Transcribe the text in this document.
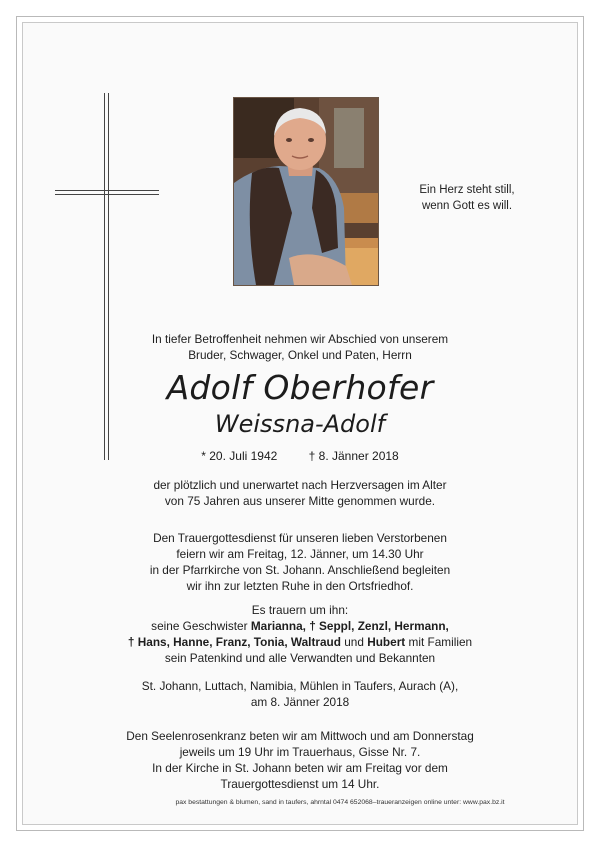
Ein Herz steht still,
wenn Gott es will.
In tiefer Betroffenheit nehmen wir Abschied von unserem
Bruder, Schwager, Onkel und Paten, Herrn
Adolf Oberhofer
Weissna-Adolf
* 20. Juli 1942	† 8. Jänner 2018
der plötzlich und unerwartet nach Herzversagen im Alter
von 75 Jahren aus unserer Mitte genommen wurde.
Den Trauergottesdienst für unseren lieben Verstorbenen
feiern wir am Freitag, 12. Jänner, um 14.30 Uhr
in der Pfarrkirche von St. Johann. Anschließend begleiten
wir ihn zur letzten Ruhe in den Ortsfriedhof.
Es trauern um ihn:
seine Geschwister Marianna, † Seppl, Zenzl, Hermann,
† Hans, Hanne, Franz, Tonia, Waltraud und Hubert mit Familien
sein Patenkind und alle Verwandten und Bekannten
St. Johann, Luttach, Namibia, Mühlen in Taufers, Aurach (A),
am 8. Jänner 2018
Den Seelenrosenkranz beten wir am Mittwoch und am Donnerstag
jeweils um 19 Uhr im Trauerhaus, Gisse Nr. 7.
In der Kirche in St. Johann beten wir am Freitag vor dem
Trauergottesdienst um 14 Uhr.
pax bestattungen & blumen, sand in taufers, ahrntal 0474 652068–traueranzeigen online unter: www.pax.bz.it
